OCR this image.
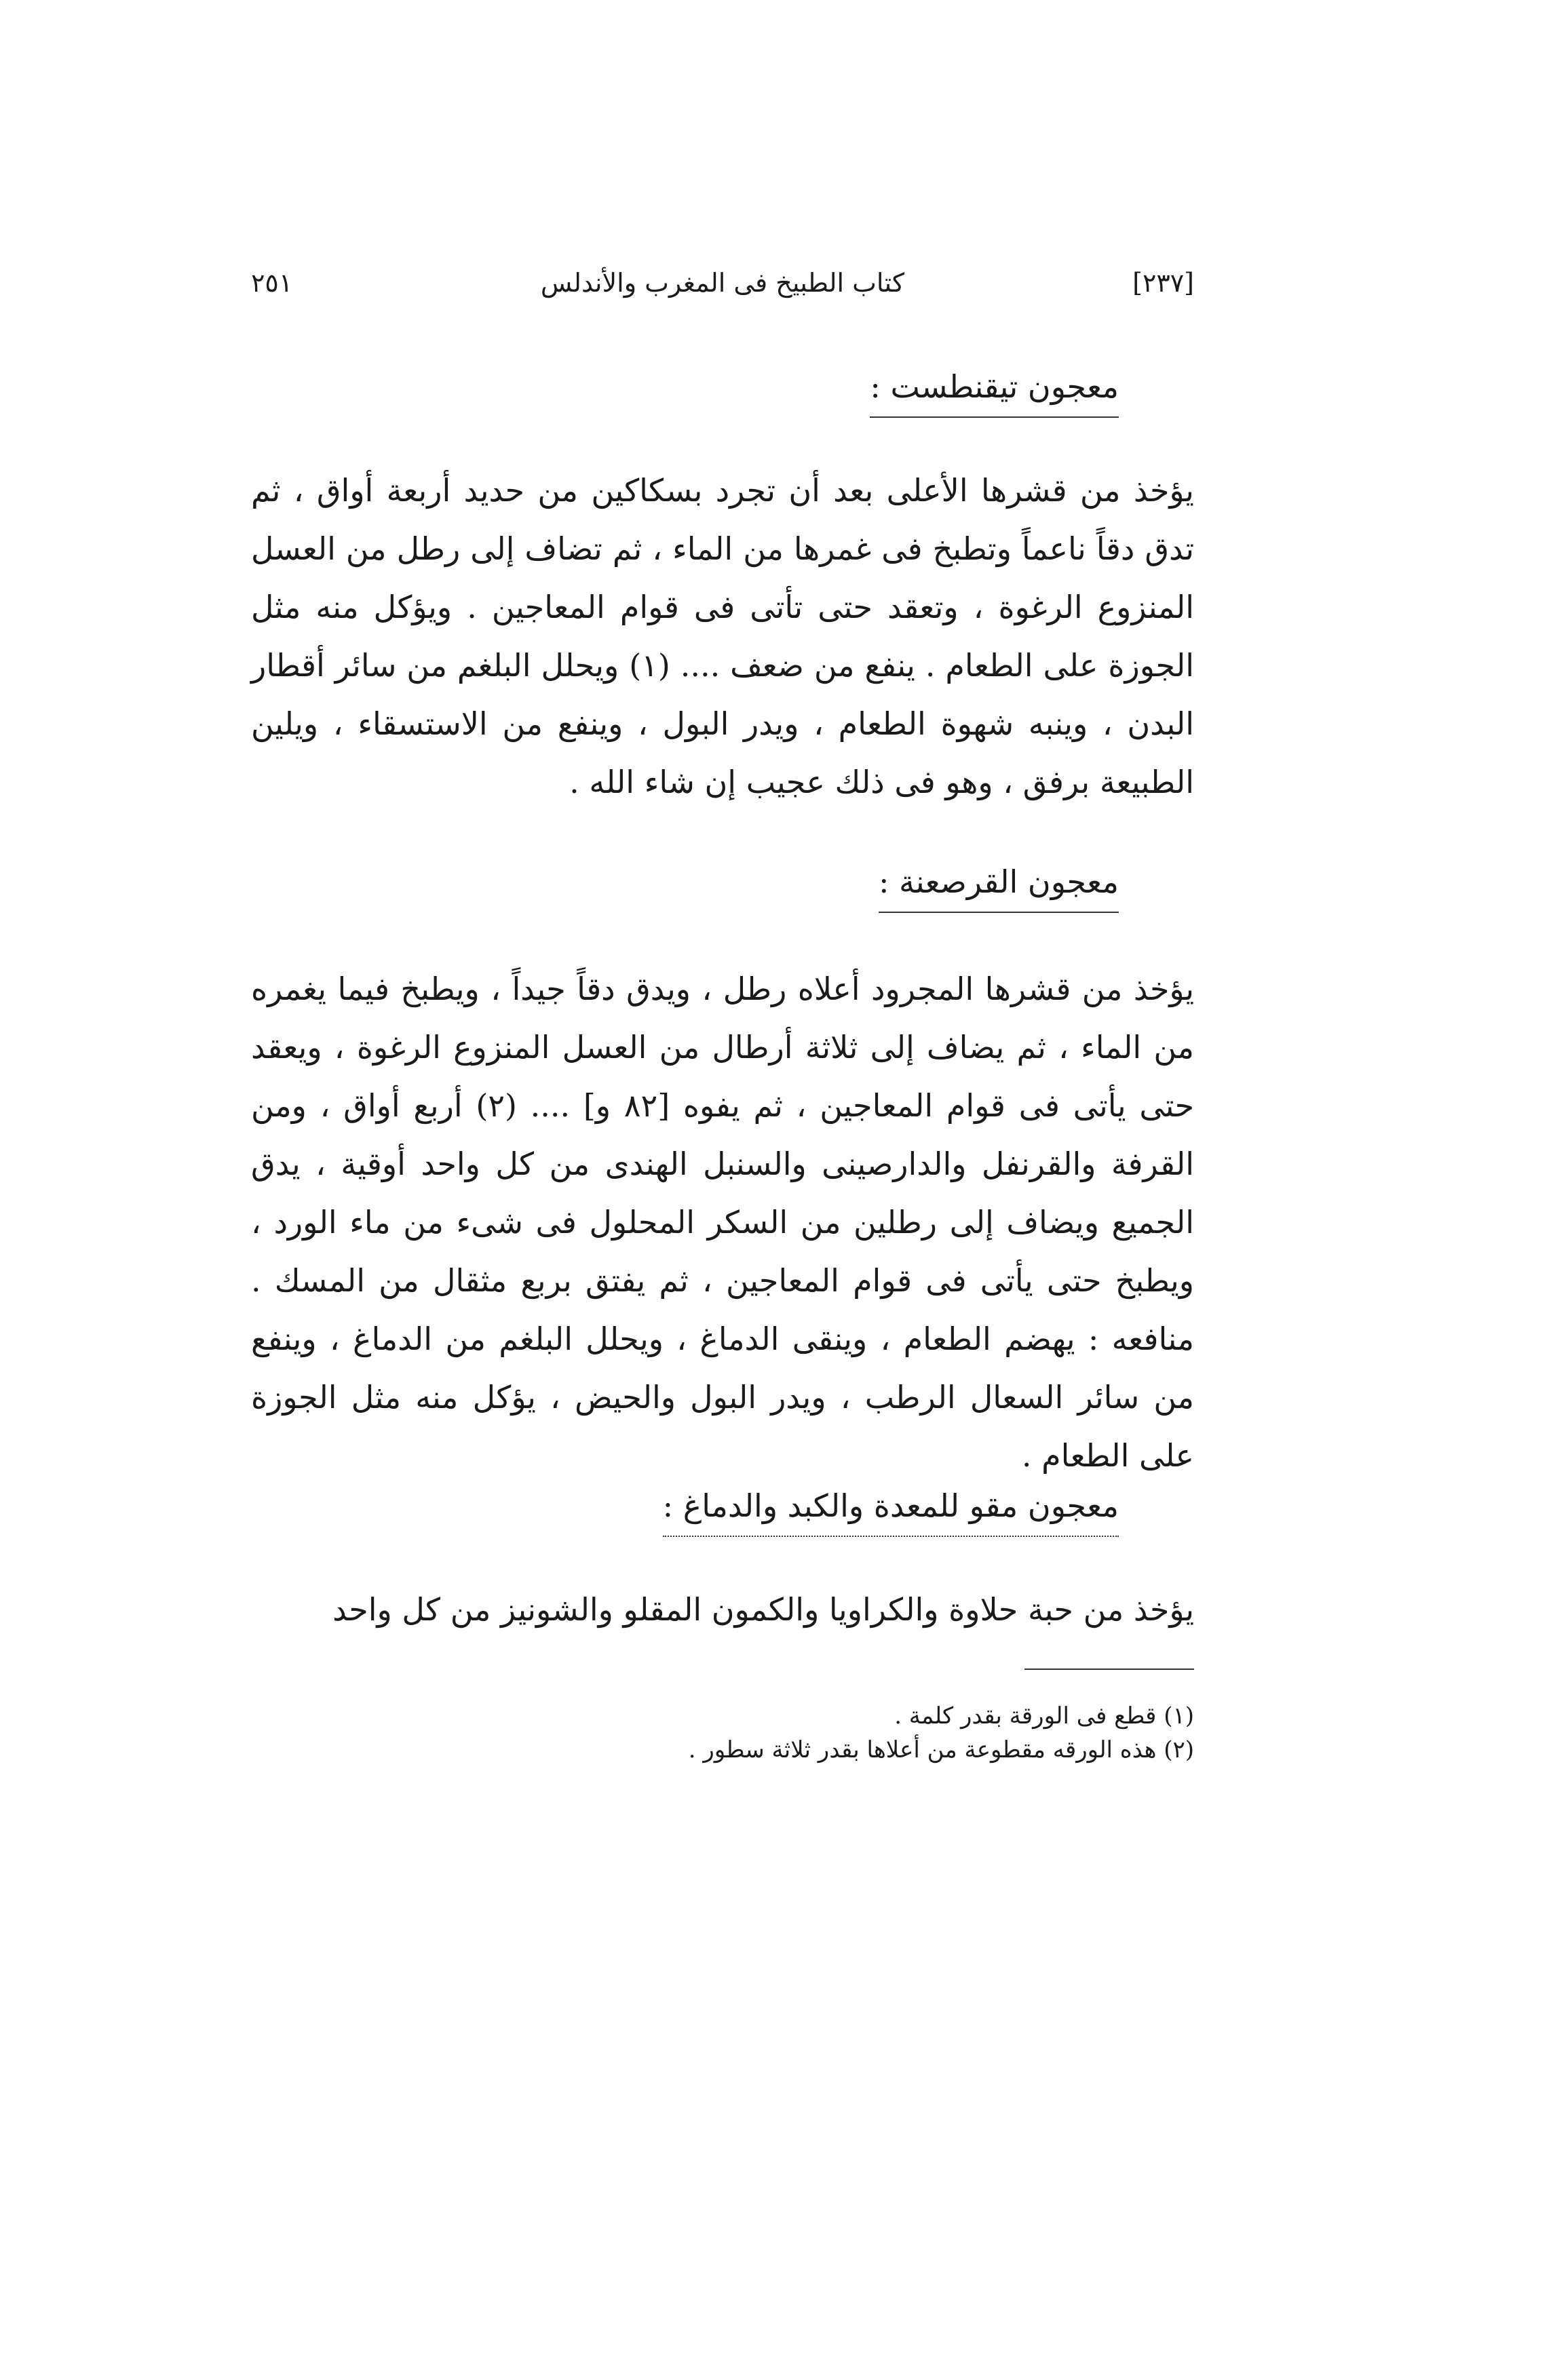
٢٥١	كتاب الطبيخ فى المغرب والأندلس	[٢٣٧]
معجون تيقنطست :

يؤخذ من قشرها الأعلى بعد أن تجرد بسكاكين من حديد أربعة أواق ، ثم تدق دقاً ناعماً وتطبخ فى غمرها من الماء ، ثم تضاف إلى رطل من العسل المنزوع الرغوة ، وتعقد حتى تأتى فى قوام المعاجين . ويؤكل منه مثل الجوزة على الطعام . ينفع من ضعف .... (١) ويحلل البلغم من سائر أقطار البدن ، وينبه شهوة الطعام ، ويدر البول ، وينفع من الاستسقاء ، ويلين الطبيعة برفق ، وهو فى ذلك عجيب إن شاء الله .

معجون القرصعنة :

يؤخذ من قشرها المجرود أعلاه رطل ، ويدق دقاً جيداً ، ويطبخ فيما يغمره من الماء ، ثم يضاف إلى ثلاثة أرطال من العسل المنزوع الرغوة ، ويعقد حتى يأتى فى قوام المعاجين ، ثم يفوه [٨٢ و] .... (٢) أربع أواق ، ومن القرفة والقرنفل والدارصينى والسنبل الهندى من كل واحد أوقية ، يدق الجميع ويضاف إلى رطلين من السكر المحلول فى شىء من ماء الورد ، ويطبخ حتى يأتى فى قوام المعاجين ، ثم يفتق بربع مثقال من المسك . منافعه : يهضم الطعام ، وينقى الدماغ ، ويحلل البلغم من الدماغ ، وينفع من سائر السعال الرطب ، ويدر البول والحيض ، يؤكل منه مثل الجوزة على الطعام .

معجون مقو للمعدة والكبد والدماغ :

يؤخذ من حبة حلاوة والكراويا والكمون المقلو والشونيز من كل واحد

(١) قطع فى الورقة بقدر كلمة .
(٢) هذه الورقه مقطوعة من أعلاها بقدر ثلاثة سطور .
